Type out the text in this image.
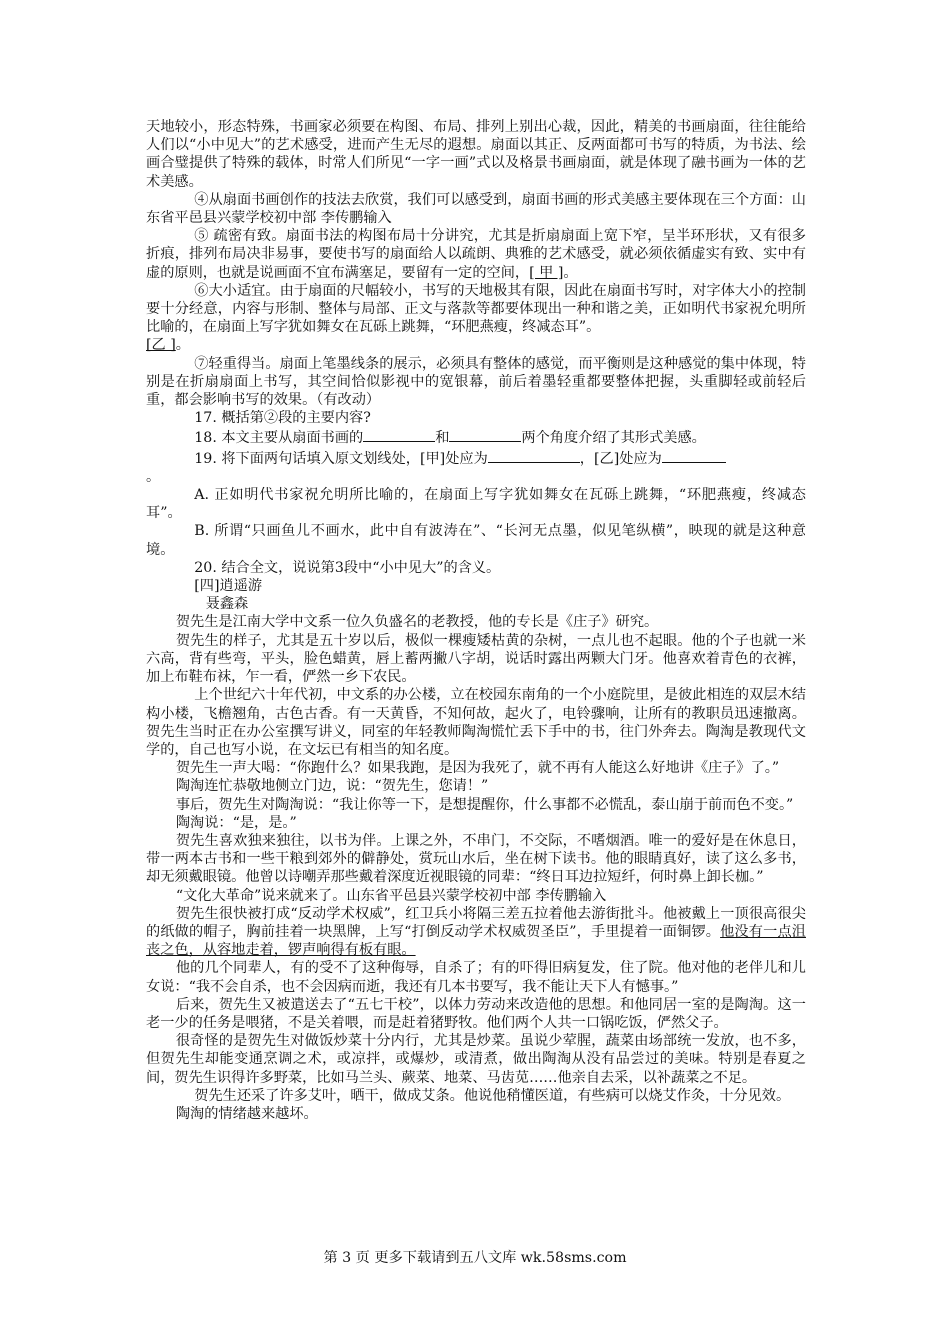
天地较小，形态特殊，书画家必须要在构图、布局、排列上别出心裁，因此，精美的书画扇面，往往能给人们以“小中见大”的艺术感受，进而产生无尽的遐想。扇面以其正、反两面都可书写的特质，为书法、绘画合璧提供了特殊的载体，时常人们所见“一字一画”式以及格景书画扇面，就是体现了融书画为一体的艺术美感。

④从扇面书画创作的技法去欣赏，我们可以感受到，扇面书画的形式美感主要体现在三个方面：山东省平邑县兴蒙学校初中部 李传鹏输入

⑤ 疏密有致。扇面书法的构图布局十分讲究，尤其是折扇扇面上宽下窄，呈半环形状，又有很多折痕，排列布局决非易事，要使书写的扇面给人以疏朗、典雅的艺术感受，就必须依循虚实有致、实中有虚的原则，也就是说画面不宜布满塞足，要留有一定的空间，[ 甲 ]。

⑥大小适宜。由于扇面的尺幅较小，书写的天地极其有限，因此在扇面书写时，对字体大小的控制要十分经意，内容与形制、整体与局部、正文与落款等都要体现出一种和谐之美，正如明代书家祝允明所比喻的，在扇面上写字犹如舞女在瓦砾上跳舞，“环肥燕瘦，终减态耳”。
[乙 ]。

⑦轻重得当。扇面上笔墨线条的展示，必须具有整体的感觉，而平衡则是这种感觉的集中体现，特别是在折扇扇面上书写，其空间恰似影视中的宽银幕，前后着墨轻重都要整体把握，头重脚轻或前轻后重，都会影响书写的效果。（有改动）

17. 概括第②段的主要内容?

18. 本文主要从扇面书画的	和	两个角度介绍了其形式美感。

19. 将下面两句话填入原文划线处，[甲]处应为	，[乙]处应为
。

A. 正如明代书家祝允明所比喻的，在扇面上写字犹如舞女在瓦砾上跳舞，“环肥燕瘦，终减态耳”。

B. 所谓“只画鱼儿不画水，此中自有波涛在”、“长河无点墨，似见笔纵横”，映现的就是这种意境。

20. 结合全文，说说第3段中“小中见大”的含义。

[四]逍遥游

聂鑫森

贺先生是江南大学中文系一位久负盛名的老教授，他的专长是《庄子》研究。

贺先生的样子，尤其是五十岁以后，极似一棵瘦矮枯黄的杂树，一点儿也不起眼。他的个子也就一米六高，背有些弯，平头，脸色蜡黄，唇上蓄两撇八字胡，说话时露出两颗大门牙。他喜欢着青色的衣裤，加上布鞋布袜，乍一看，俨然一乡下农民。

上个世纪六十年代初，中文系的办公楼，立在校园东南角的一个小庭院里，是彼此相连的双层木结构小楼，飞檐翘角，古色古香。有一天黄昏，不知何故，起火了，电铃骤响，让所有的教职员迅速撤离。贺先生当时正在办公室撰写讲义，同室的年轻教师陶淘慌忙丢下手中的书，往门外奔去。陶淘是教现代文学的，自己也写小说，在文坛已有相当的知名度。

贺先生一声大喝：“你跑什么？如果我跑，是因为我死了，就不再有人能这么好地讲《庄子》了。”

陶淘连忙恭敬地侧立门边，说：“贺先生，您请！”

事后，贺先生对陶淘说：“我让你等一下，是想提醒你，什么事都不必慌乱，泰山崩于前而色不变。”

陶淘说：“是，是。”

贺先生喜欢独来独往，以书为伴。上课之外，不串门，不交际，不嗜烟酒。唯一的爱好是在休息日，带一两本古书和一些干粮到郊外的僻静处，赏玩山水后，坐在树下读书。他的眼睛真好，读了这么多书，却无须戴眼镜。他曾以诗嘲弄那些戴着深度近视眼镜的同辈：“终日耳边拉短纤，何时鼻上卸长枷。”

“文化大革命”说来就来了。山东省平邑县兴蒙学校初中部 李传鹏输入

贺先生很快被打成“反动学术权威”，红卫兵小将隔三差五拉着他去游街批斗。他被戴上一顶很高很尖的纸做的帽子，胸前挂着一块黑牌，上写“打倒反动学术权威贺圣臣”，手里提着一面铜锣。他没有一点沮丧之色，从容地走着，锣声响得有板有眼。

他的几个同辈人，有的受不了这种侮辱，自杀了；有的吓得旧病复发，住了院。他对他的老伴儿和儿女说：“我不会自杀，也不会因病而逝，我还有几本书要写，我不能让天下人有憾事。”

后来，贺先生又被遣送去了“五七干校”，以体力劳动来改造他的思想。和他同居一室的是陶淘。这一老一少的任务是喂猪，不是关着喂，而是赶着猪野牧。他们两个人共一口锅吃饭，俨然父子。

很奇怪的是贺先生对做饭炒菜十分内行，尤其是炒菜。虽说少荤腥，蔬菜由场部统一发放，也不多，但贺先生却能变通烹调之术，或凉拌，或爆炒，或清煮，做出陶淘从没有品尝过的美味。特别是春夏之间，贺先生识得许多野菜，比如马兰头、蕨菜、地菜、马齿苋……他亲自去采，以补蔬菜之不足。

贺先生还采了许多艾叶，晒干，做成艾条。他说他稍懂医道，有些病可以烧艾作灸，十分见效。

陶淘的情绪越来越坏。

第 3 页 更多下载请到五八文库 wk.58sms.com
